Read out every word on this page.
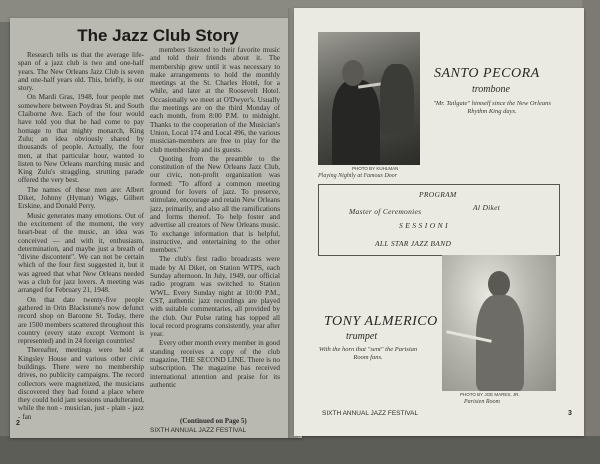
The Jazz Club Story

Research tells us that the average life-span of a jazz club is two and one-half years. The New Orleans Jazz Club is seven and one-half years old. This, briefly, is our story.

On Mardi Gras, 1948, four people met somewhere between Poydras St. and South Claiborne Ave. Each of the four would have told you that he had come to pay homage to that mighty monarch, King Zulu; an idea obviously shared by thousands of people. Actually, the four men, at that particular hour, wanted to listen to New Orleans marching music and King Zulu's straggling, strutting parade offered the very best.

The names of these men are: Albert Diket, Johnny (Hyman) Wiggs, Gilbert Erskine, and Donald Perry.

Music generates many emotions. Out of the excitement of the moment, the very heart-beat of the music, an idea was conceived — and with it, enthusiasm, determination, and maybe just a breath of "divine discontent". We can not be certain which of the four first suggested it, but it was agreed that what New Orleans needed was a club for jazz lovers. A meeting was arranged for February 21, 1948.

On that date twenty-five people gathered in Orin Blackstone's now defunct record shop on Baronne St. Today, there are 1500 members scattered throughout this country (every state except Vermont is represented) and in 24 foreign countries!

Thereafter, meetings were held at Kingsley House and various other civic buildings. There were no membership drives, no publicity campaigns. The record collectors were magnetized, the musicians discovered they had found a place where they could hold jam sessions unadulterated, while the non - musician, just - plain - jazz - fan

members listened to their favorite music and told their friends about it. The membership grew until it was necessary to make arrangements to hold the monthly meetings at the St. Charles Hotel, for a while, and later at the Roosevelt Hotel. Occasionally we meet at O'Dwyer's. Usually the meetings are on the third Monday of each month, from 8:00 P.M. to midnight. Thanks to the cooperation of the Musician's Union, Local 174 and Local 496, the various musician-members are free to play for the club membership and its guests.

Quoting from the preamble to the constitution of the New Orleans Jazz Club, our civic, non-profit organization was formed: "To afford a common meeting ground for lovers of jazz. To preserve, stimulate, encourage and retain New Orleans jazz, primarily, and also all the ramifications and forms thereof. To help foster and advertise all creators of New Orleans music. To exchange information that is helpful, instructive, and entertaining to the other members."

The club's first radio broadcasts were made by Al Diket, on Station WTPS, each Sunday afternoon. In July, 1949, our official radio program was switched to Station WWL. Every Sunday night at 10:00 P.M., CST, authentic jazz recordings are played with suitable commentaries, all provided by the club. Our Pulse rating has topped all local record programs consistently, year after year.

Every other month every member in good standing receives a copy of the club magazine, THE SECOND LINE. There is no subscription. The magazine has received international attention and praise for its authentic

(Continued on Page 5)
SIXTH ANNUAL JAZZ FESTIVAL
2
PHOTO BY KUHLMAN
Playing Nightly at Famous Door
SANTO PECORA
trombone
"Mr. Tailgate" himself since the New Orleans Rhythm King days.
PROGRAM
Master of Ceremonies	Al Diket
S E S S I O N I
ALL STAR JAZZ BAND
PHOTO BY JOE MARES, JR.
Parisien Room
TONY ALMERICO
trumpet
With the horn that "sent" the Parisian Room fans.
SIXTH ANNUAL JAZZ FESTIVAL	3
